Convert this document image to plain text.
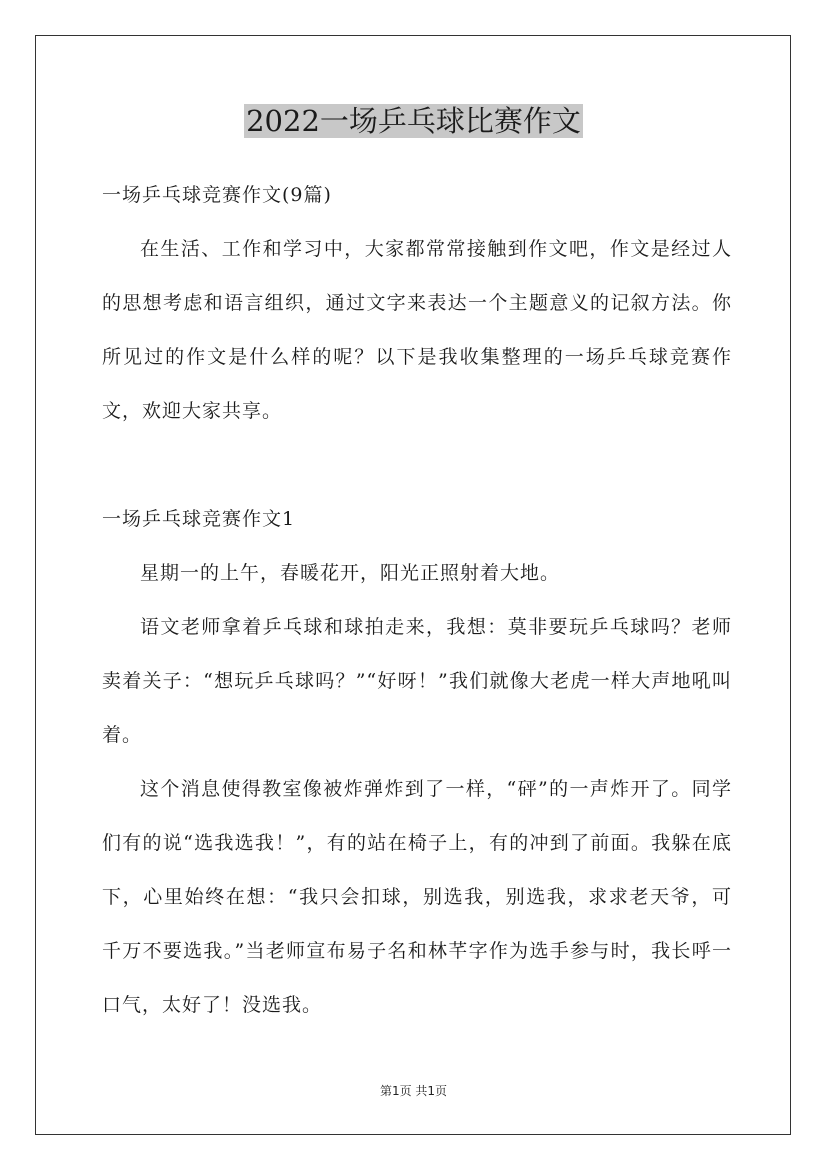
2022一场乒乓球比赛作文

一场乒乓球竞赛作文(9篇)

在生活、工作和学习中，大家都常常接触到作文吧，作文是经过人的思想考虑和语言组织，通过文字来表达一个主题意义的记叙方法。你所见过的作文是什么样的呢？以下是我收集整理的一场乒乓球竞赛作文，欢迎大家共享。

一场乒乓球竞赛作文1

星期一的上午，春暖花开，阳光正照射着大地。

语文老师拿着乒乓球和球拍走来，我想：莫非要玩乒乓球吗？老师卖着关子：“想玩乒乓球吗？”“好呀！”我们就像大老虎一样大声地吼叫着。

这个消息使得教室像被炸弹炸到了一样，“砰”的一声炸开了。同学们有的说“选我选我！”，有的站在椅子上，有的冲到了前面。我躲在底下，心里始终在想：“我只会扣球，别选我，别选我，求求老天爷，可千万不要选我。”当老师宣布易子名和林芊字作为选手参与时，我长呼一口气，太好了！没选我。

第1页 共1页
